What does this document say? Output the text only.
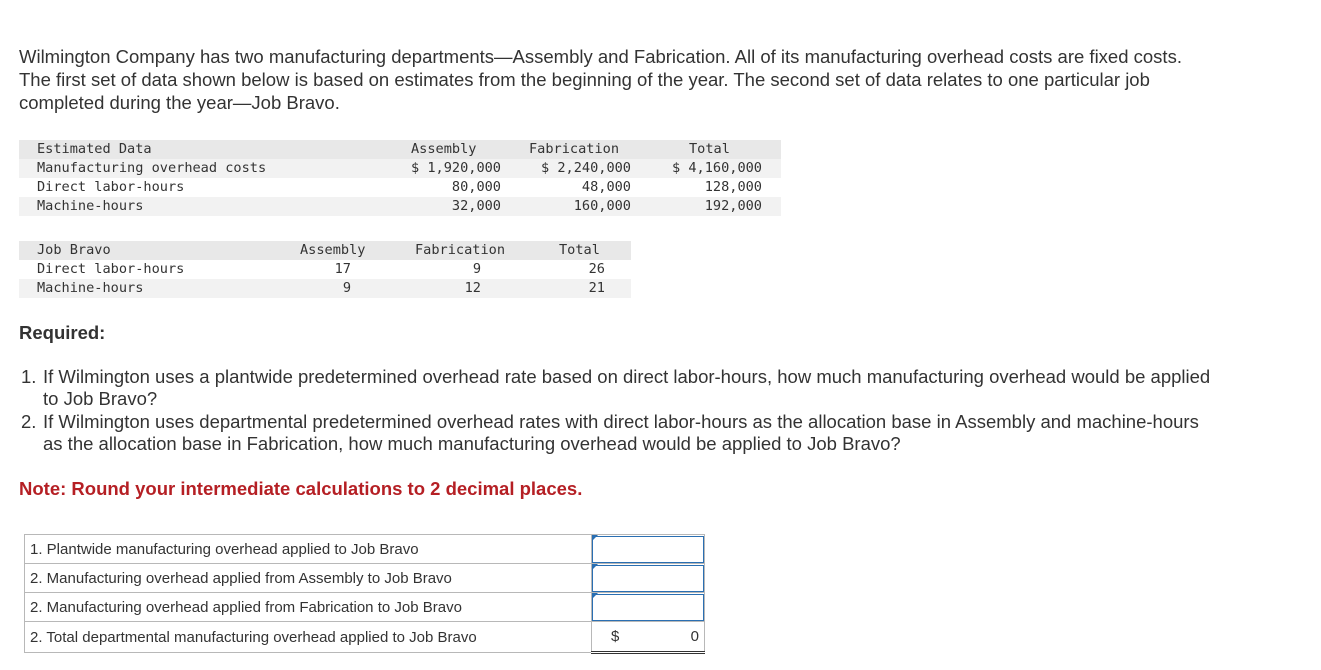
Wilmington Company has two manufacturing departments—Assembly and Fabrication. All of its manufacturing overhead costs are fixed costs. The first set of data shown below is based on estimates from the beginning of the year. The second set of data relates to one particular job completed during the year—Job Bravo.

Estimated Data	Assembly	Fabrication	Total
Manufacturing overhead costs	$ 1,920,000	$ 2,240,000	$ 4,160,000
Direct labor-hours	80,000	48,000	128,000
Machine-hours	32,000	160,000	192,000
Job Bravo	Assembly	Fabrication	Total
Direct labor-hours	17	9	26
Machine-hours	9	12	21
Required:
1. If Wilmington uses a plantwide predetermined overhead rate based on direct labor-hours, how much manufacturing overhead would be applied to Job Bravo?
2. If Wilmington uses departmental predetermined overhead rates with direct labor-hours as the allocation base in Assembly and machine-hours as the allocation base in Fabrication, how much manufacturing overhead would be applied to Job Bravo?
Note: Round your intermediate calculations to 2 decimal places.
1. Plantwide manufacturing overhead applied to Job Bravo	

2. Manufacturing overhead applied from Assembly to Job Bravo	

2. Manufacturing overhead applied from Fabrication to Job Bravo	

2. Total departmental manufacturing overhead applied to Job Bravo	$ 0
